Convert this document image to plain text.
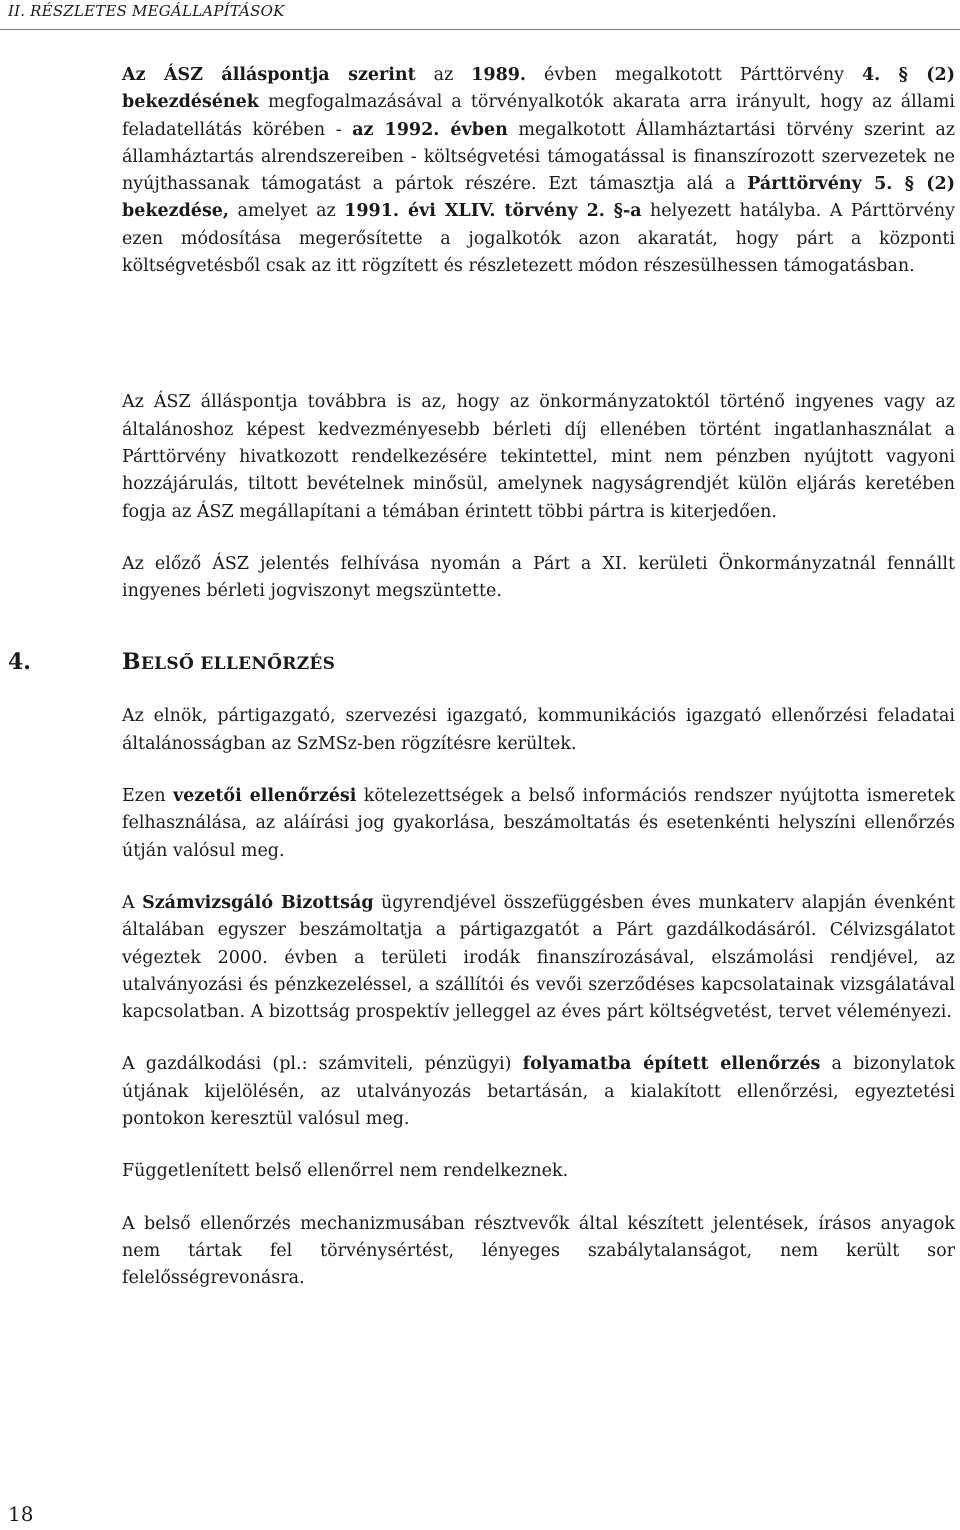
II. RÉSZLETES MEGÁLLAPÍTÁSOK

Az ÁSZ álláspontja szerint az 1989. évben megalkotott Párttörvény 4. § (2) bekezdésének megfogalmazásával a törvényalkotók akarata arra irányult, hogy az állami feladatellátás körében - az 1992. évben megalkotott Államháztartási törvény szerint az államháztartás alrendszereiben - költségvetési támogatással is finanszírozott szervezetek ne nyújthassanak támogatást a pártok részére. Ezt támasztja alá a Párttörvény 5. § (2) bekezdése, amelyet az 1991. évi XLIV. törvény 2. §-a helyezett hatályba. A Párttörvény ezen módosítása megerősítette a jogalkotók azon akaratát, hogy párt a központi költségvetésből csak az itt rögzített és részletezett módon részesülhessen támogatásban.

Az ÁSZ álláspontja továbbra is az, hogy az önkormányzatoktól történő ingyenes vagy az általánoshoz képest kedvezményesebb bérleti díj ellenében történt ingatlanhasználat a Párttörvény hivatkozott rendelkezésére tekintettel, mint nem pénzben nyújtott vagyoni hozzájárulás, tiltott bevételnek minősül, amelynek nagyságrendjét külön eljárás keretében fogja az ÁSZ megállapítani a témában érintett többi pártra is kiterjedően.

Az előző ÁSZ jelentés felhívása nyomán a Párt a XI. kerületi Önkormányzatnál fennállt ingyenes bérleti jogviszonyt megszüntette.

4.	BELSŐ ELLENŐRZÉS

Az elnök, pártigazgató, szervezési igazgató, kommunikációs igazgató ellenőrzési feladatai általánosságban az SzMSz-ben rögzítésre kerültek.

Ezen vezetői ellenőrzési kötelezettségek a belső információs rendszer nyújtotta ismeretek felhasználása, az aláírási jog gyakorlása, beszámoltatás és esetenkénti helyszíni ellenőrzés útján valósul meg.

A Számvizsgáló Bizottság ügyrendjével összefüggésben éves munkaterv alapján évenként általában egyszer beszámoltatja a pártigazgatót a Párt gazdálkodásáról. Célvizsgálatot végeztek 2000. évben a területi irodák finanszírozásával, elszámolási rendjével, az utalványozási és pénzkezeléssel, a szállítói és vevői szerződéses kapcsolatainak vizsgálatával kapcsolatban. A bizottság prospektív jelleggel az éves párt költségvetést, tervet véleményezi.

A gazdálkodási (pl.: számviteli, pénzügyi) folyamatba épített ellenőrzés a bizonylatok útjának kijelölésén, az utalványozás betartásán, a kialakított ellenőrzési, egyeztetési pontokon keresztül valósul meg.

Függetlenített belső ellenőrrel nem rendelkeznek.

A belső ellenőrzés mechanizmusában résztvevők által készített jelentések, írásos anyagok nem tártak fel törvénysértést, lényeges szabálytalanságot, nem került sor felelősségrevonásra.

18
